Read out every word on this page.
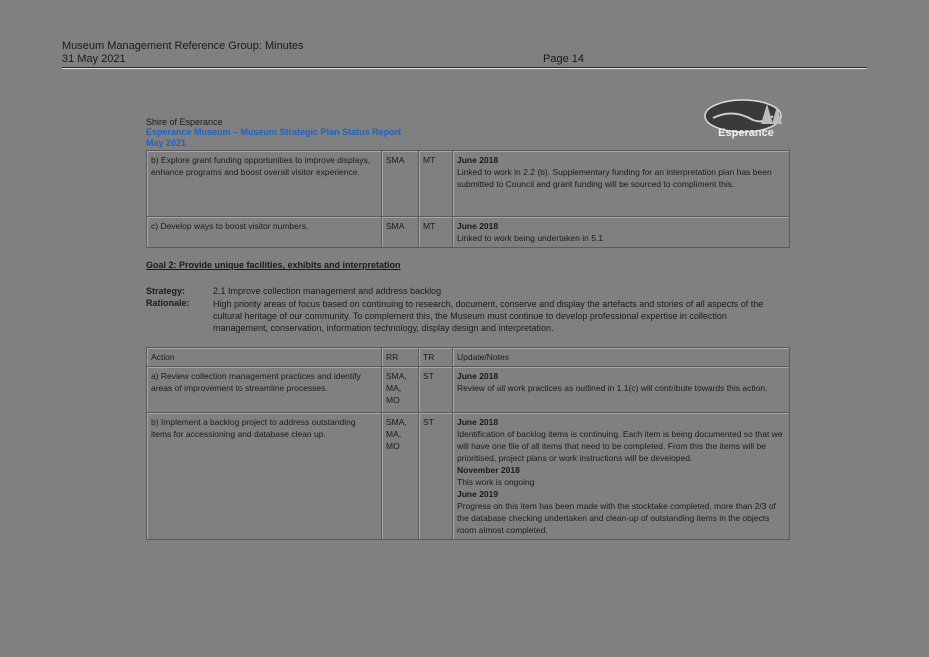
Museum Management Reference Group: Minutes
31 May 2021	Page 14
Shire of Esperance
Esperance Museum – Museum Strategic Plan Status Report
May 2021
Esperance
b) Explore grant funding opportunities to improve displays, enhance programs and boost overall visitor experience.	SMA	MT	June 2018
Linked to work in 2.2 (b). Supplementary funding for an interpretation plan has been submitted to Council and grant funding will be sourced to compliment this.
c) Develop ways to boost visitor numbers.	SMA	MT	June 2018
Linked to work being undertaken in 5.1
Goal 2: Provide unique facilities, exhibits and interpretation
Strategy:	2.1 Improve collection management and address backlog
Rationale:	High priority areas of focus based on continuing to research, document, conserve and display the artefacts and stories of all aspects of the cultural heritage of our community. To complement this, the Museum must continue to develop professional expertise in collection management, conservation, information technology, display design and interpretation.
Action	RR	TR	Update/Notes
a) Review collection management practices and identify areas of improvement to streamline processes.	SMA, MA, MO	ST	June 2018
Review of all work practices as outlined in 1.1(c) will contribute towards this action.
b) Implement a backlog project to address outstanding items for accessioning and database clean up.	SMA, MA, MO	ST	June 2018
Identification of backlog items is continuing. Each item is being documented so that we will have one file of all items that need to be completed. From this the items will be prioritised, project plans or work instructions will be developed.
November 2018
This work is ongoing
June 2019
Progress on this item has been made with the stocktake completed, more than 2/3 of the database checking undertaken and clean-up of outstanding items in the objects room almost completed.
